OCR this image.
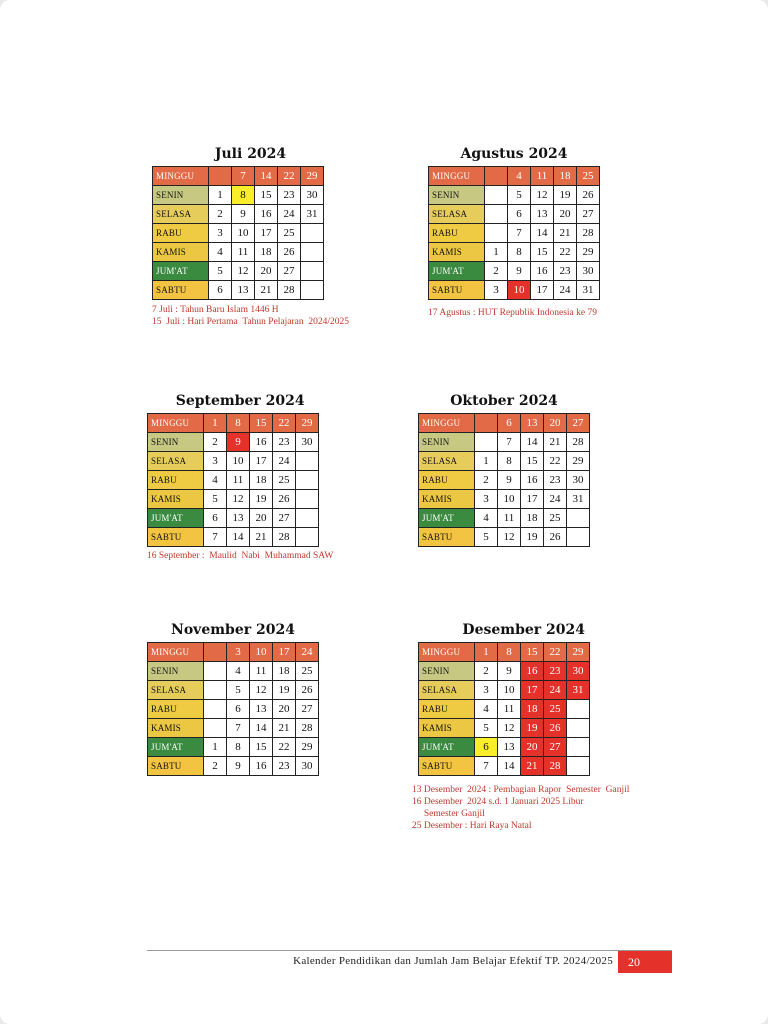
Juli 2024
MINGGU		7	14	22	29
SENIN	1	8	15	23	30
SELASA	2	9	16	24	31
RABU	3	10	17	25	
KAMIS	4	11	18	26	
JUM'AT	5	12	20	27	
SABTU	6	13	21	28	
7 Juli : Tahun Baru Islam 1446 H
15  Juli : Hari Pertama  Tahun Pelajaran  2024/2025
Agustus 2024
MINGGU		4	11	18	25
SENIN		5	12	19	26
SELASA		6	13	20	27
RABU		7	14	21	28
KAMIS	1	8	15	22	29
JUM'AT	2	9	16	23	30
SABTU	3	10	17	24	31
17 Agustus : HUT Republik Indonesia ke 79
September 2024
MINGGU	1	8	15	22	29
SENIN	2	9	16	23	30
SELASA	3	10	17	24	
RABU	4	11	18	25	
KAMIS	5	12	19	26	
JUM'AT	6	13	20	27	
SABTU	7	14	21	28	
16 September :  Maulid  Nabi  Muhammad SAW
Oktober 2024
MINGGU		6	13	20	27
SENIN		7	14	21	28
SELASA	1	8	15	22	29
RABU	2	9	16	23	30
KAMIS	3	10	17	24	31
JUM'AT	4	11	18	25	
SABTU	5	12	19	26	
November 2024
MINGGU		3	10	17	24
SENIN		4	11	18	25
SELASA		5	12	19	26
RABU		6	13	20	27
KAMIS		7	14	21	28
JUM'AT	1	8	15	22	29
SABTU	2	9	16	23	30
Desember 2024
MINGGU	1	8	15	22	29
SENIN	2	9	16	23	30
SELASA	3	10	17	24	31
RABU	4	11	18	25	
KAMIS	5	12	19	26	
JUM'AT	6	13	20	27	
SABTU	7	14	21	28	
13 Desember  2024 : Pembagian Rapor  Semester  Ganjil
16 Desember  2024 s.d. 1 Januari 2025 Libur
Semester Ganjil
25 Desember : Hari Raya Natal
Kalender Pendidikan dan Jumlah Jam Belajar Efektif TP. 2024/2025	20
